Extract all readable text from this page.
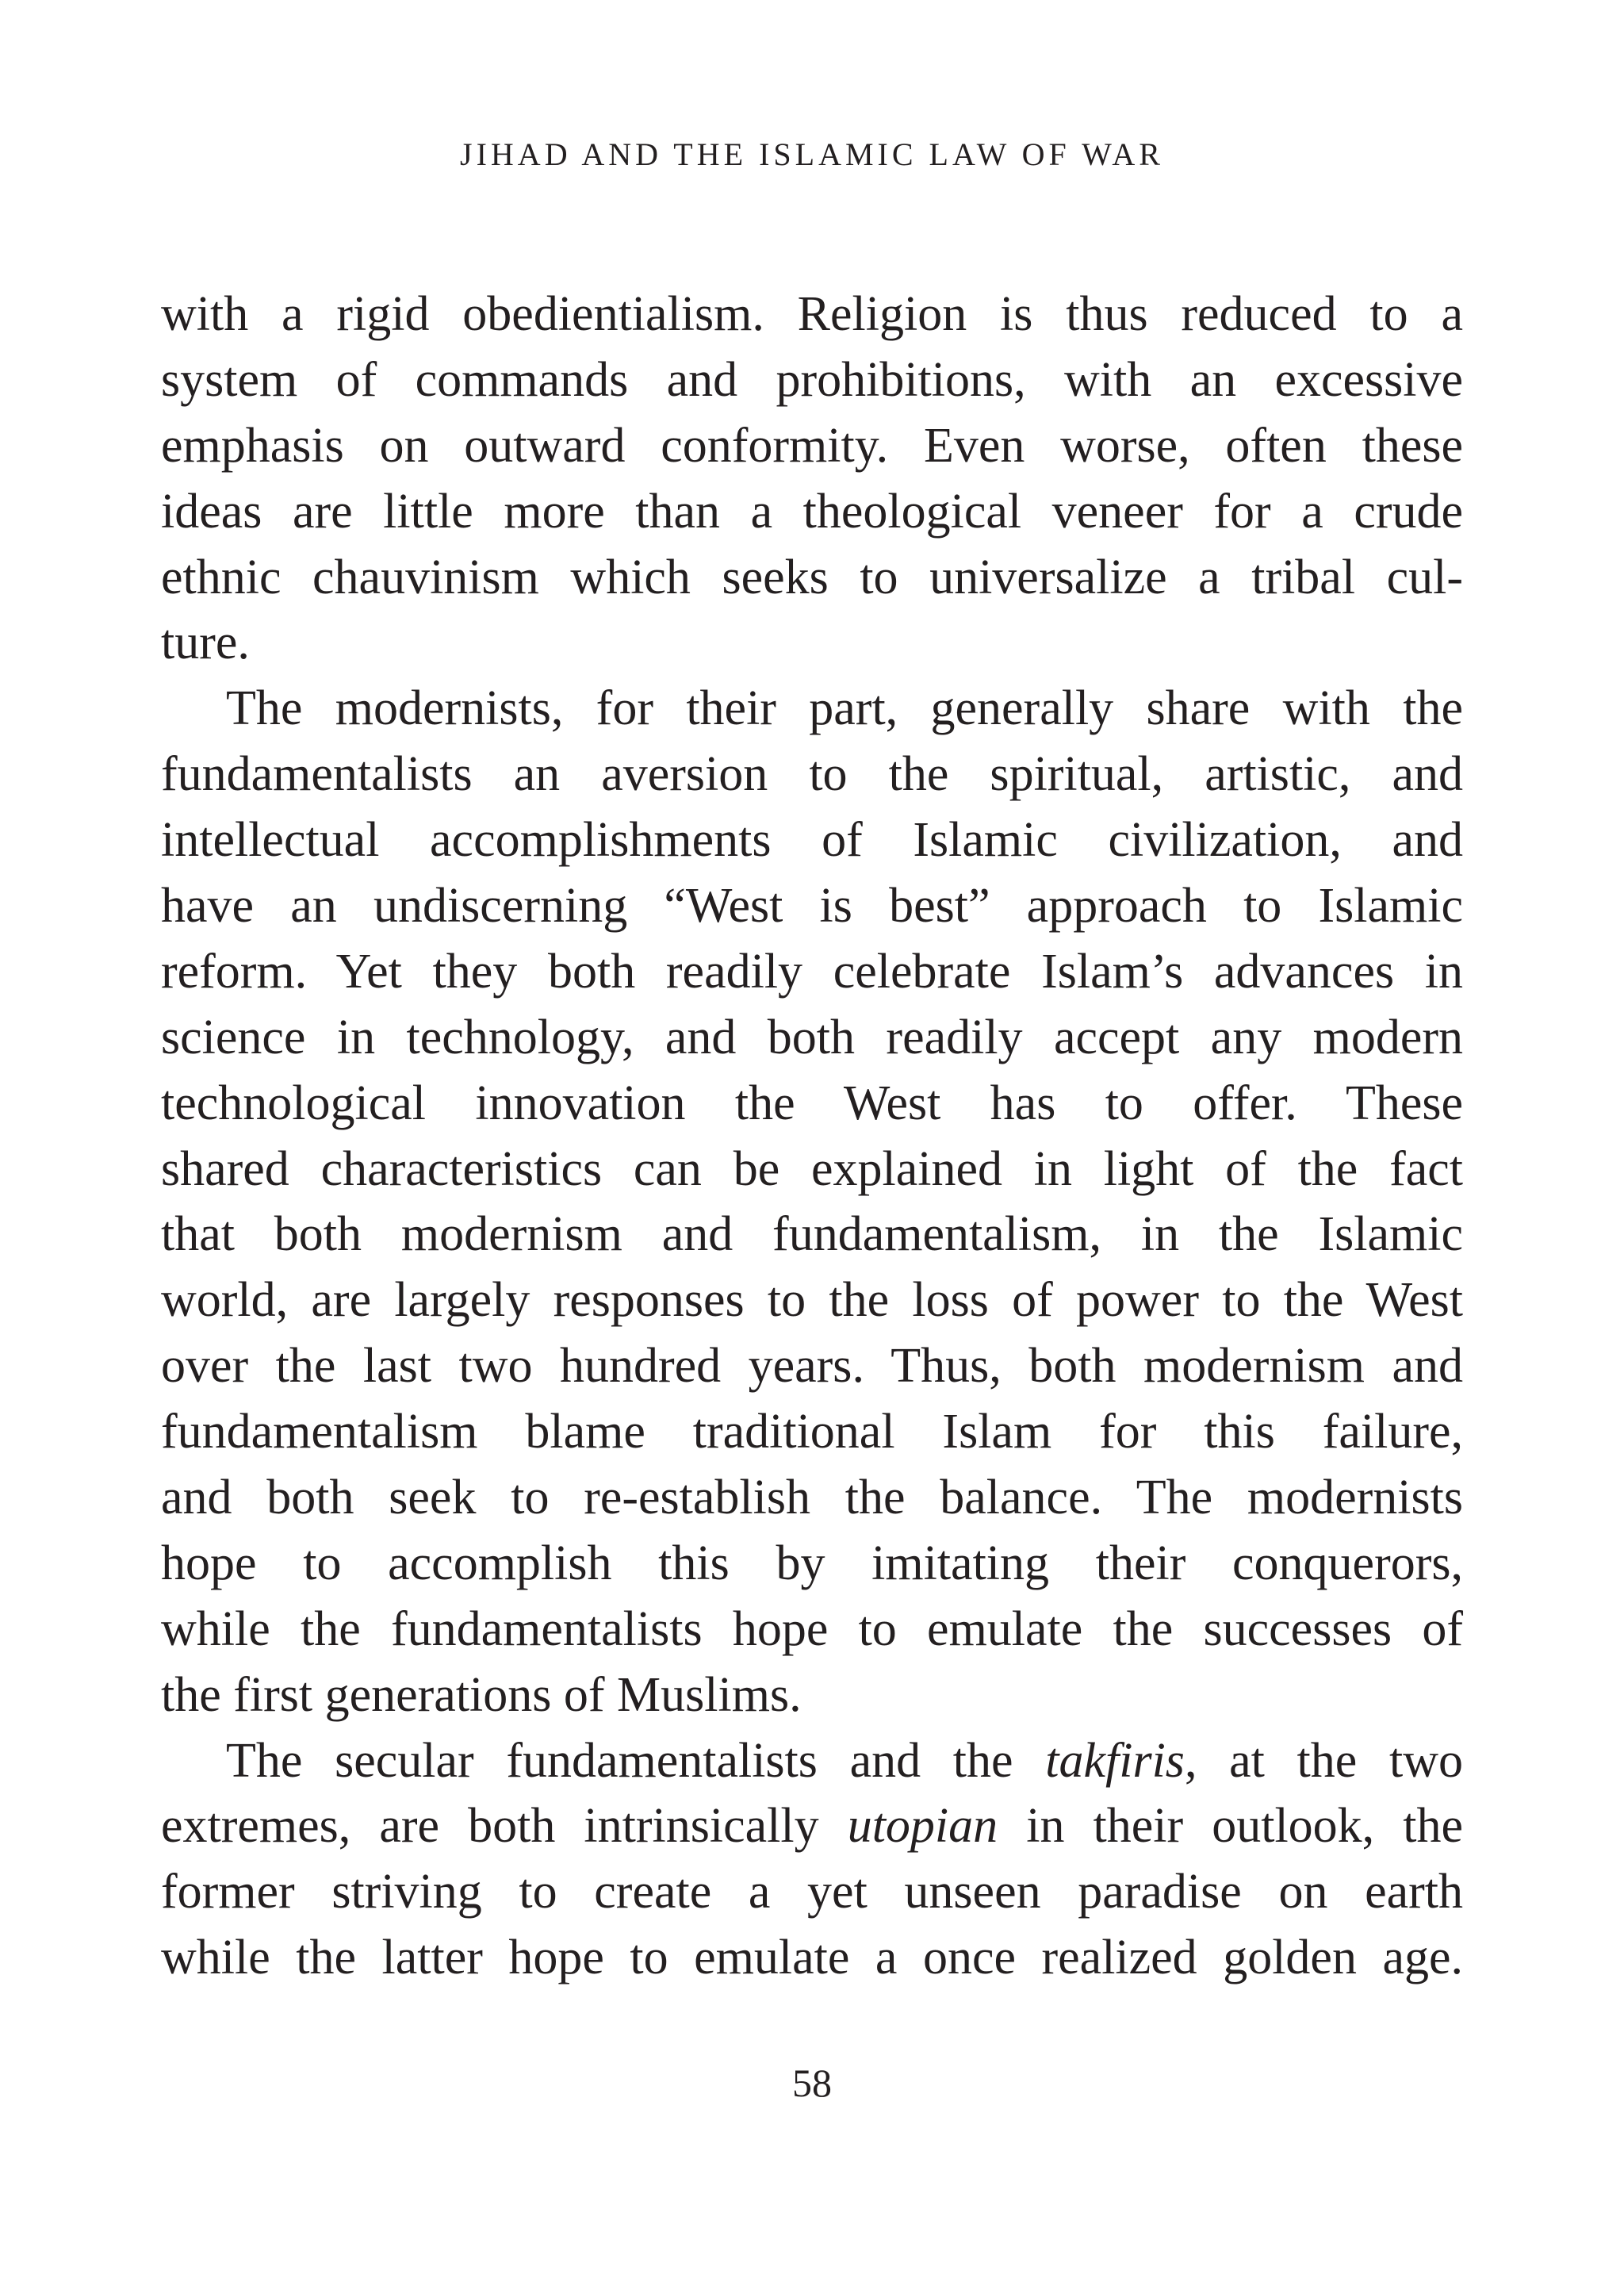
JIHAD AND THE ISLAMIC LAW OF WAR
with a rigid obedientialism. Religion is thus reduced to a
system of commands and prohibitions, with an excessive
emphasis on outward conformity. Even worse, often these
ideas are little more than a theological veneer for a crude
ethnic chauvinism which seeks to universalize a tribal cul-
ture.
The modernists, for their part, generally share with the
fundamentalists an aversion to the spiritual, artistic, and
intellectual accomplishments of Islamic civilization, and
have an undiscerning “West is best” approach to Islamic
reform. Yet they both readily celebrate Islam’s advances in
science in technology, and both readily accept any modern
technological innovation the West has to offer. These
shared characteristics can be explained in light of the fact
that both modernism and fundamentalism, in the Islamic
world, are largely responses to the loss of power to the West
over the last two hundred years. Thus, both modernism and
fundamentalism blame traditional Islam for this failure,
and both seek to re-establish the balance. The modernists
hope to accomplish this by imitating their conquerors,
while the fundamentalists hope to emulate the successes of
the first generations of Muslims.
The secular fundamentalists and the takfiris, at the two
extremes, are both intrinsically utopian in their outlook, the
former striving to create a yet unseen paradise on earth
while the latter hope to emulate a once realized golden age.
58
